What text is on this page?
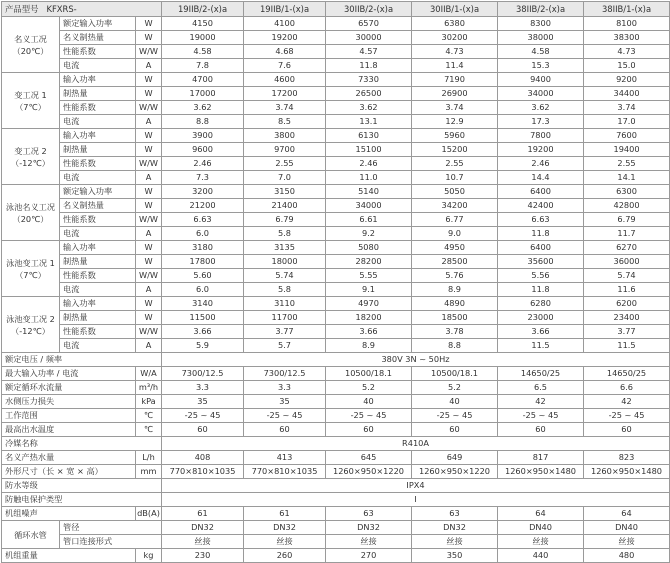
产品型号 KFXRS-			19IIB/2-(x)a	19IIB/1-(x)a	30IIB/2-(x)a	30IIB/1-(x)a	38IIB/2-(x)a	38IIB/1-(x)a

名义工况
（20℃）	额定输入功率	W	4150	4100	6570	6380	8300	8100
	名义制热量	W	19000	19200	30000	30200	38000	38300
	性能系数	W/W	4.58	4.68	4.57	4.73	4.58	4.73
	电流	A	7.8	7.6	11.8	11.4	15.3	15.0

变工况 1
（7℃）	输入功率	W	4700	4600	7330	7190	9400	9200
	制热量	W	17000	17200	26500	26900	34000	34400
	性能系数	W/W	3.62	3.74	3.62	3.74	3.62	3.74
	电流	A	8.8	8.5	13.1	12.9	17.3	17.0

变工况 2
（-12℃）	输入功率	W	3900	3800	6130	5960	7800	7600
	制热量	W	9600	9700	15100	15200	19200	19400
	性能系数	W/W	2.46	2.55	2.46	2.55	2.46	2.55
	电流	A	7.3	7.0	11.0	10.7	14.4	14.1

泳池名义工况
（20℃）	额定输入功率	W	3200	3150	5140	5050	6400	6300
	名义制热量	W	21200	21400	34000	34200	42400	42800
	性能系数	W/W	6.63	6.79	6.61	6.77	6.63	6.79
	电流	A	6.0	5.8	9.2	9.0	11.8	11.7

泳池变工况 1
（7℃）	输入功率	W	3180	3135	5080	4950	6400	6270
	制热量	W	17800	18000	28200	28500	35600	36000
	性能系数	W/W	5.60	5.74	5.55	5.76	5.56	5.74
	电流	A	6.0	5.8	9.1	8.9	11.8	11.6

泳池变工况 2
（-12℃）	输入功率	W	3140	3110	4970	4890	6280	6200
	制热量	W	11500	11700	18200	18500	23000	23400
	性能系数	W/W	3.66	3.77	3.66	3.78	3.66	3.77
	电流	A	5.9	5.7	8.9	8.8	11.5	11.5
额定电压 / 频率			380V 3N ~ 50Hz					
最大输入功率 / 电流		W/A	7300/12.5	7300/12.5	10500/18.1	10500/18.1	14650/25	14650/25
额定循环水流量		m³/h	3.3	3.3	5.2	5.2	6.5	6.6
水侧压力损失		kPa	35	35	40	40	42	42
工作范围		℃	-25 ~ 45	-25 ~ 45	-25 ~ 45	-25 ~ 45	-25 ~ 45	-25 ~ 45
最高出水温度		℃	60	60	60	60	60	60
冷媒名称			R410A					
名义产热水量		L/h	408	413	645	649	817	823
外形尺寸（长 × 宽 × 高）		mm	770×810×1035	770×810×1035	1260×950×1220	1260×950×1220	1260×950×1480	1260×950×1480
防水等级			IPX4					
防触电保护类型			I					
机组噪声		dB(A)	61	61	63	63	64	64
循环水管	管径		DN32	DN32	DN32	DN32	DN40	DN40
	管口连接形式		丝接	丝接	丝接	丝接	丝接	丝接
机组重量		kg	230	260	270	350	440	480
